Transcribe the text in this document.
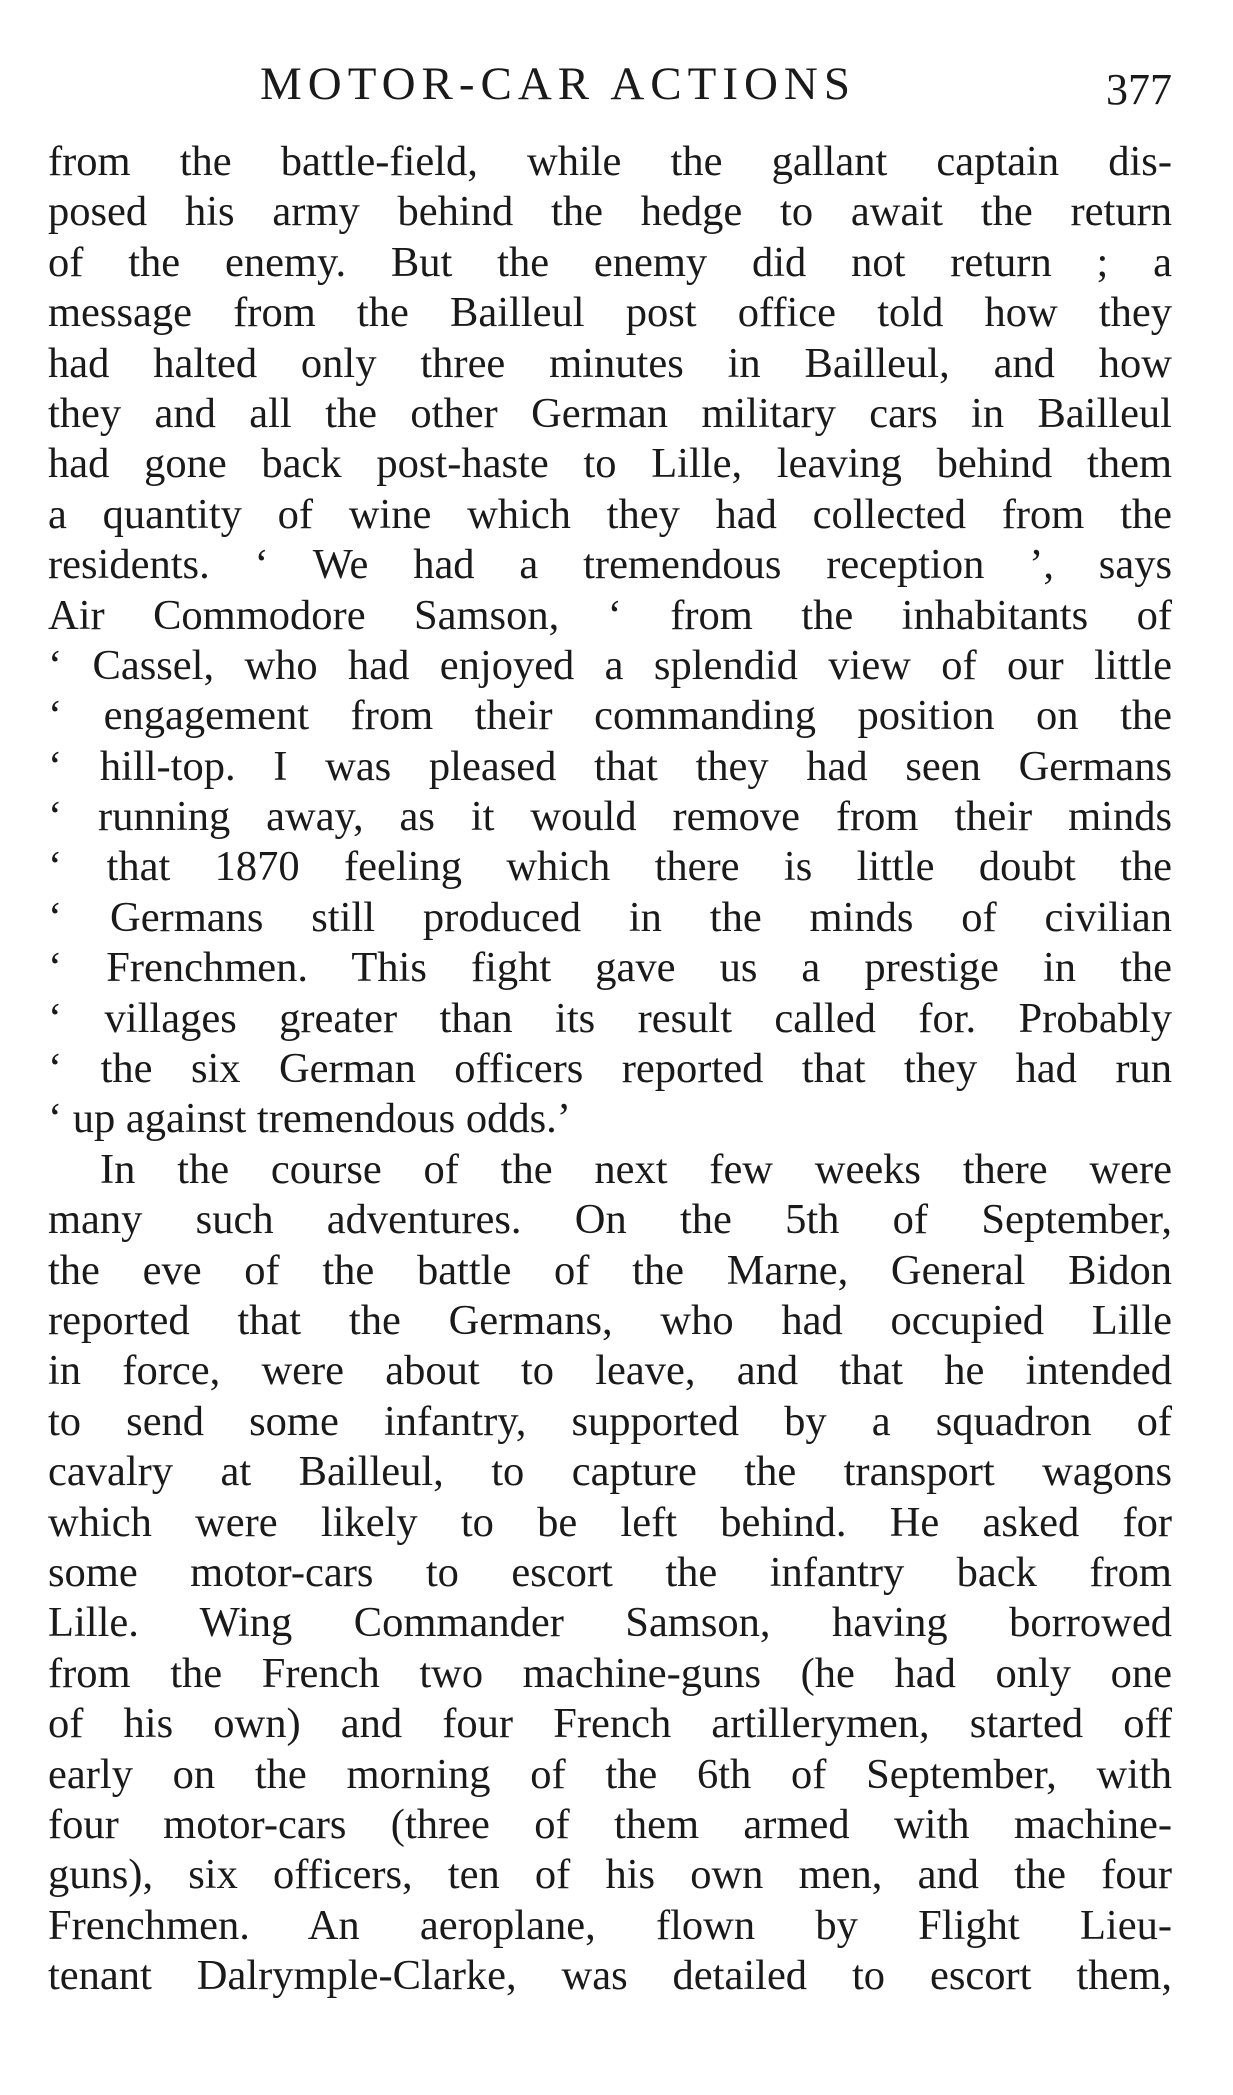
MOTOR-CAR ACTIONS	377
from the battle-field, while the gallant captain dis-
posed his army behind the hedge to await the return
of the enemy. But the enemy did not return ; a
message from the Bailleul post office told how they
had halted only three minutes in Bailleul, and how
they and all the other German military cars in Bailleul
had gone back post-haste to Lille, leaving behind them
a quantity of wine which they had collected from the
residents. ‘ We had a tremendous reception ’, says
Air Commodore Samson, ‘ from the inhabitants of
‘ Cassel, who had enjoyed a splendid view of our little
‘ engagement from their commanding position on the
‘ hill-top. I was pleased that they had seen Germans
‘ running away, as it would remove from their minds
‘ that 1870 feeling which there is little doubt the
‘ Germans still produced in the minds of civilian
‘ Frenchmen. This fight gave us a prestige in the
‘ villages greater than its result called for. Probably
‘ the six German officers reported that they had run
‘ up against tremendous odds.’
In the course of the next few weeks there were
many such adventures. On the 5th of September,
the eve of the battle of the Marne, General Bidon
reported that the Germans, who had occupied Lille
in force, were about to leave, and that he intended
to send some infantry, supported by a squadron of
cavalry at Bailleul, to capture the transport wagons
which were likely to be left behind. He asked for
some motor-cars to escort the infantry back from
Lille. Wing Commander Samson, having borrowed
from the French two machine-guns (he had only one
of his own) and four French artillerymen, started off
early on the morning of the 6th of September, with
four motor-cars (three of them armed with machine-
guns), six officers, ten of his own men, and the four
Frenchmen. An aeroplane, flown by Flight Lieu-
tenant Dalrymple-Clarke, was detailed to escort them,
